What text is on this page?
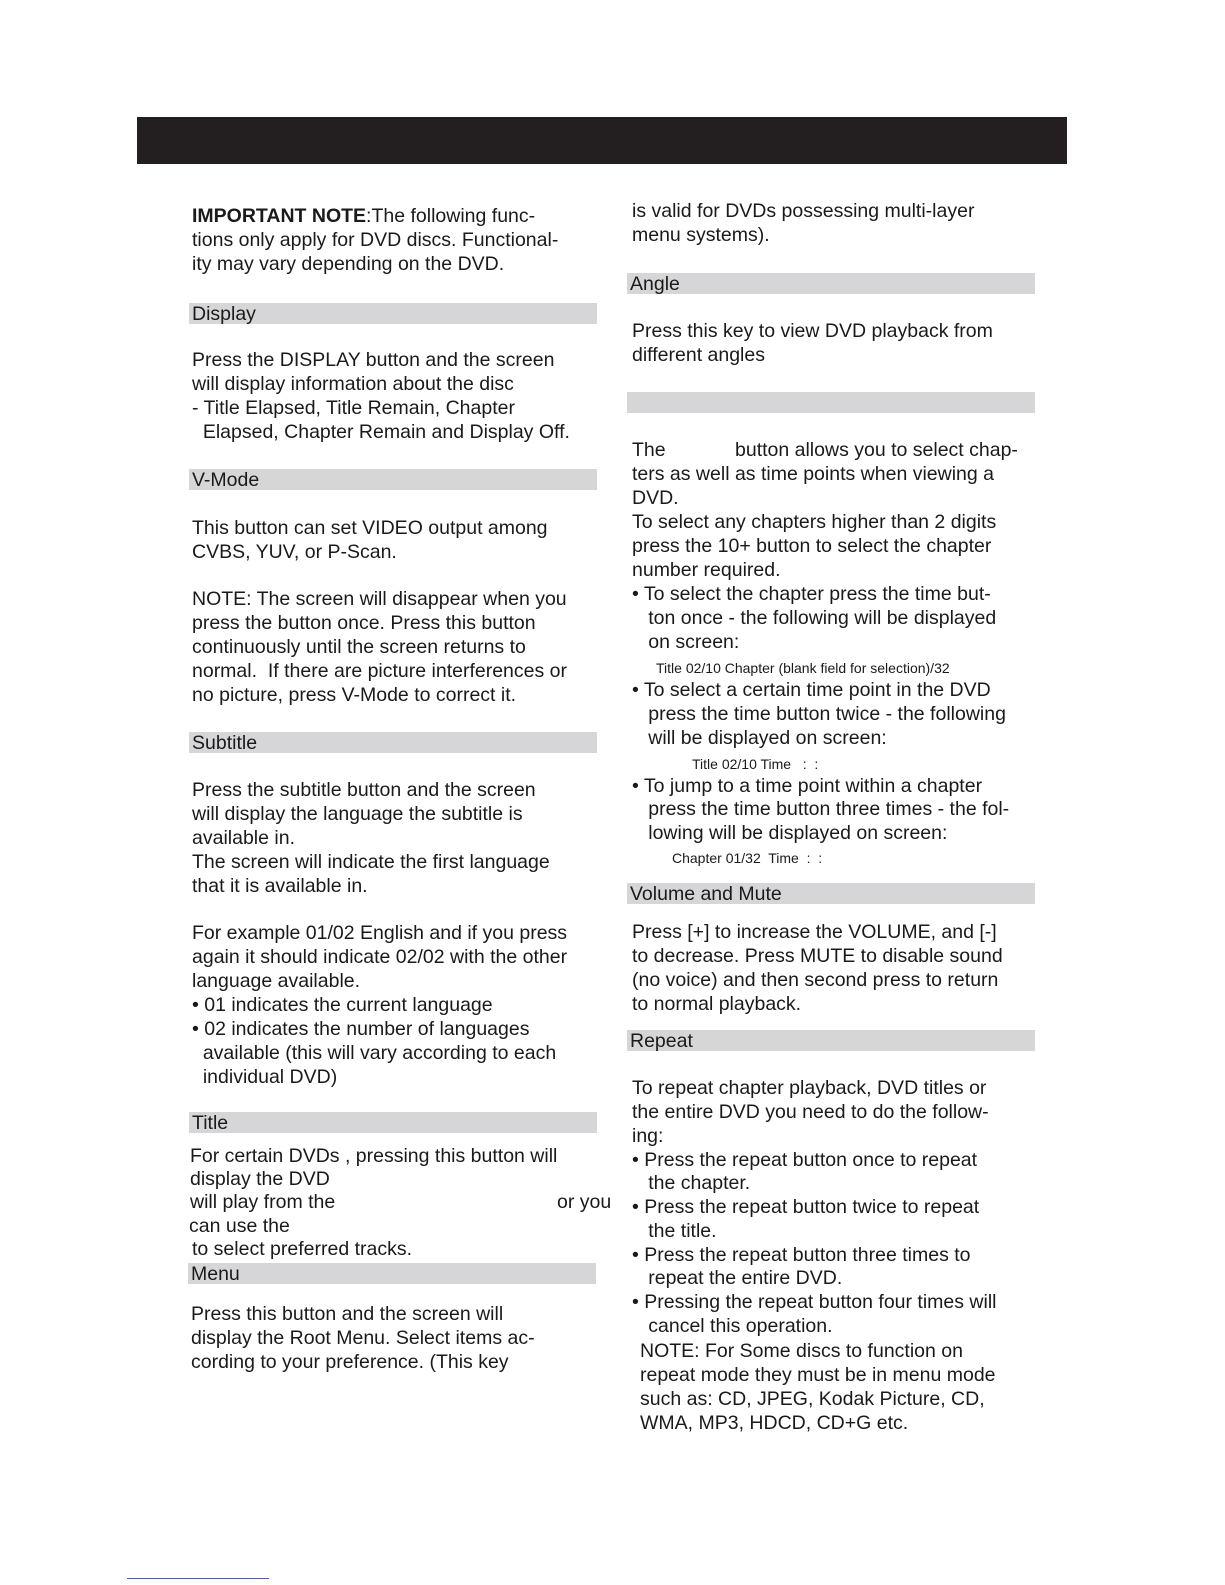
IMPORTANT NOTE:The following func-
tions only apply for DVD discs. Functional-
ity may vary depending on the DVD.
Display
Press the DISPLAY button and the screen
will display information about the disc
- Title Elapsed, Title Remain, Chapter
Elapsed, Chapter Remain and Display Off.
V-Mode
This button can set VIDEO output among
CVBS, YUV, or P-Scan.
NOTE: The screen will disappear when you
press the button once. Press this button
continuously until the screen returns to
normal.  If there are picture interferences or
no picture, press V-Mode to correct it.
Subtitle
Press the subtitle button and the screen
will display the language the subtitle is
available in.
The screen will indicate the first language
that it is available in.
For example 01/02 English and if you press
again it should indicate 02/02 with the other
language available.
• 01 indicates the current language
• 02 indicates the number of languages
available (this will vary according to each
individual DVD)
Title
For certain DVDs , pressing this button will
display the DVD
will play from the	or you
can use the
to select preferred tracks.
Menu
Press this button and the screen will
display the Root Menu. Select items ac-
cording to your preference. (This key
is valid for DVDs possessing multi-layer
menu systems).
Angle
Press this key to view DVD playback from
different angles
The	button allows you to select chap-
ters as well as time points when viewing a
DVD.
To select any chapters higher than 2 digits
press the 10+ button to select the chapter
number required.
• To select the chapter press the time but-
ton once - the following will be displayed
on screen:
Title 02/10 Chapter (blank field for selection)/32
• To select a certain time point in the DVD
press the time button twice - the following
will be displayed on screen:
Title 02/10 Time   :  :
• To jump to a time point within a chapter
press the time button three times - the fol-
lowing will be displayed on screen:
Chapter 01/32  Time  :  :
Volume and Mute
Press [+] to increase the VOLUME, and [-]
to decrease. Press MUTE to disable sound
(no voice) and then second press to return
to normal playback.
Repeat
To repeat chapter playback, DVD titles or
the entire DVD you need to do the follow-
ing:
• Press the repeat button once to repeat
the chapter.
• Press the repeat button twice to repeat
the title.
• Press the repeat button three times to
repeat the entire DVD.
• Pressing the repeat button four times will
cancel this operation.
NOTE: For Some discs to function on
repeat mode they must be in menu mode
such as: CD, JPEG, Kodak Picture, CD,
WMA, MP3, HDCD, CD+G etc.
